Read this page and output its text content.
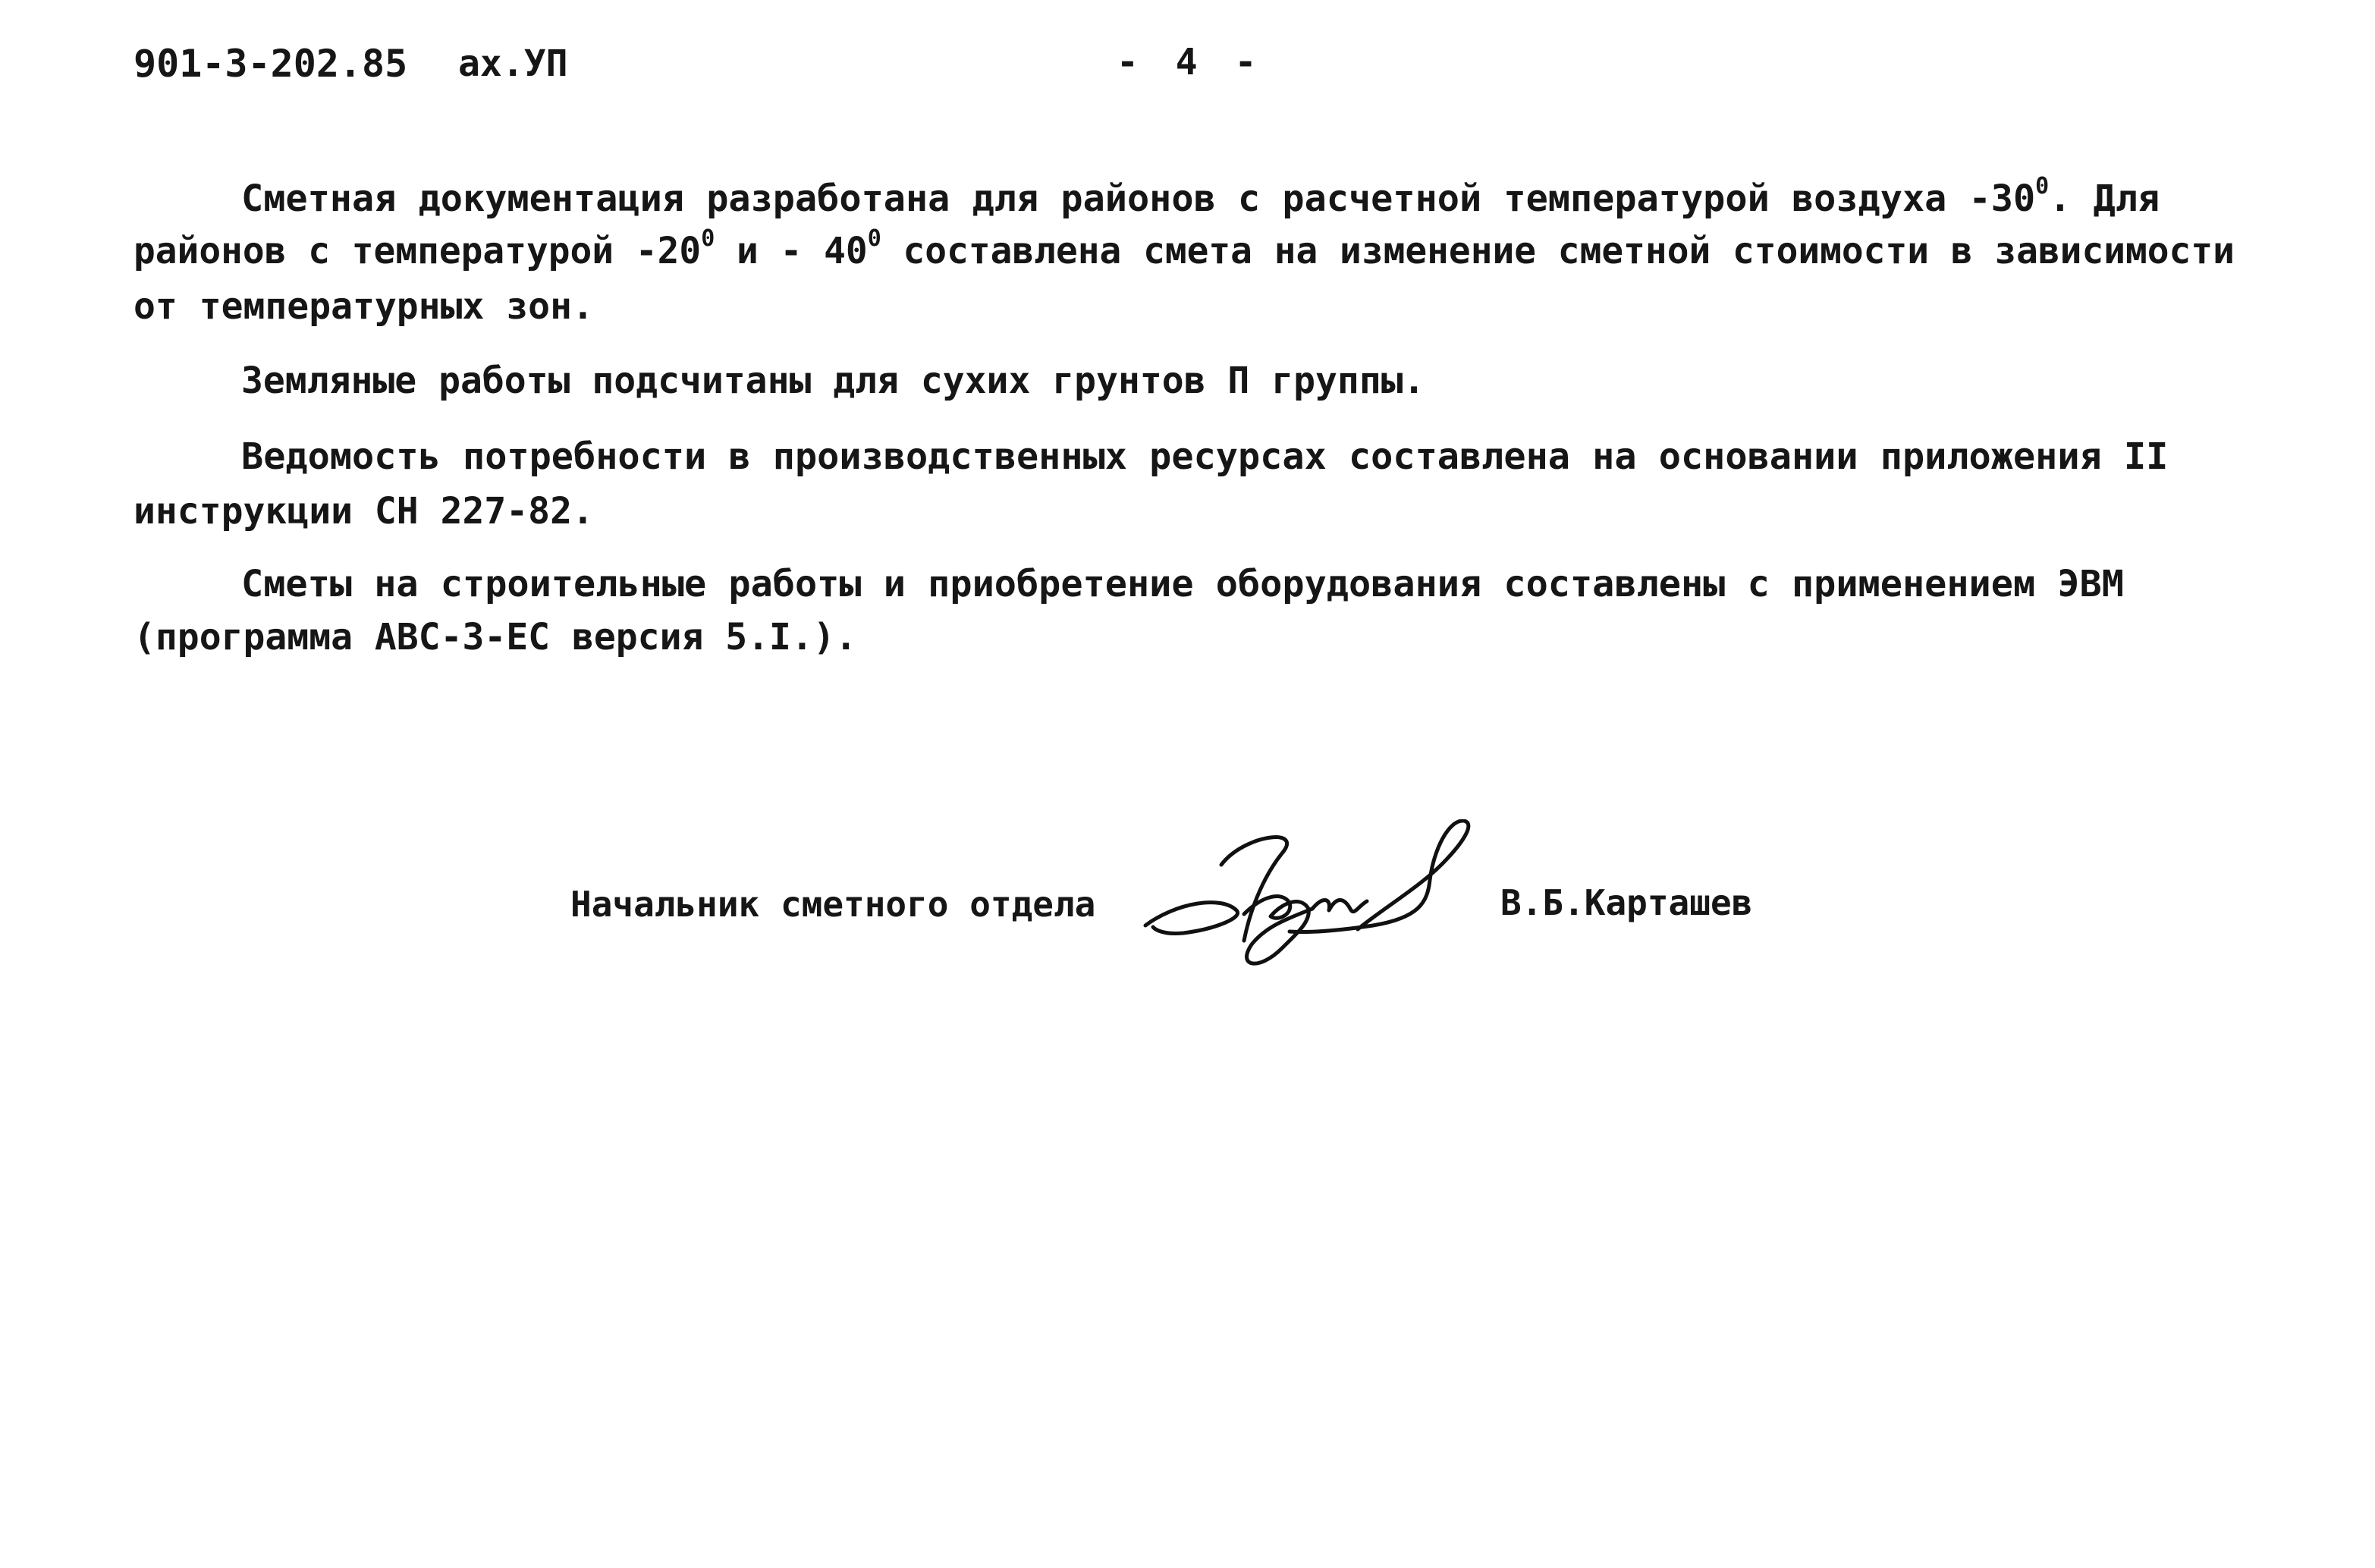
901-3-202.85 ах.УП	- 4 -
Сметная документация разработана для районов с расчетной температурой воздуха $-30^0$. Для
районов с температурой $-20^0$ и - $40^0$ составлена смета на изменение сметной стоимости в зависимости
от температурных зон.
Земляные работы подсчитаны для сухих грунтов П группы.
Ведомость потребности в производственных ресурсах составлена на основании приложения II
инструкции СН 227-82.
Сметы на строительные работы и приобретение оборудования составлены с применением ЭВМ
(программа АВС-3-ЕС версия 5.I.).
Начальник сметного отдела	В.Б.Карташев
